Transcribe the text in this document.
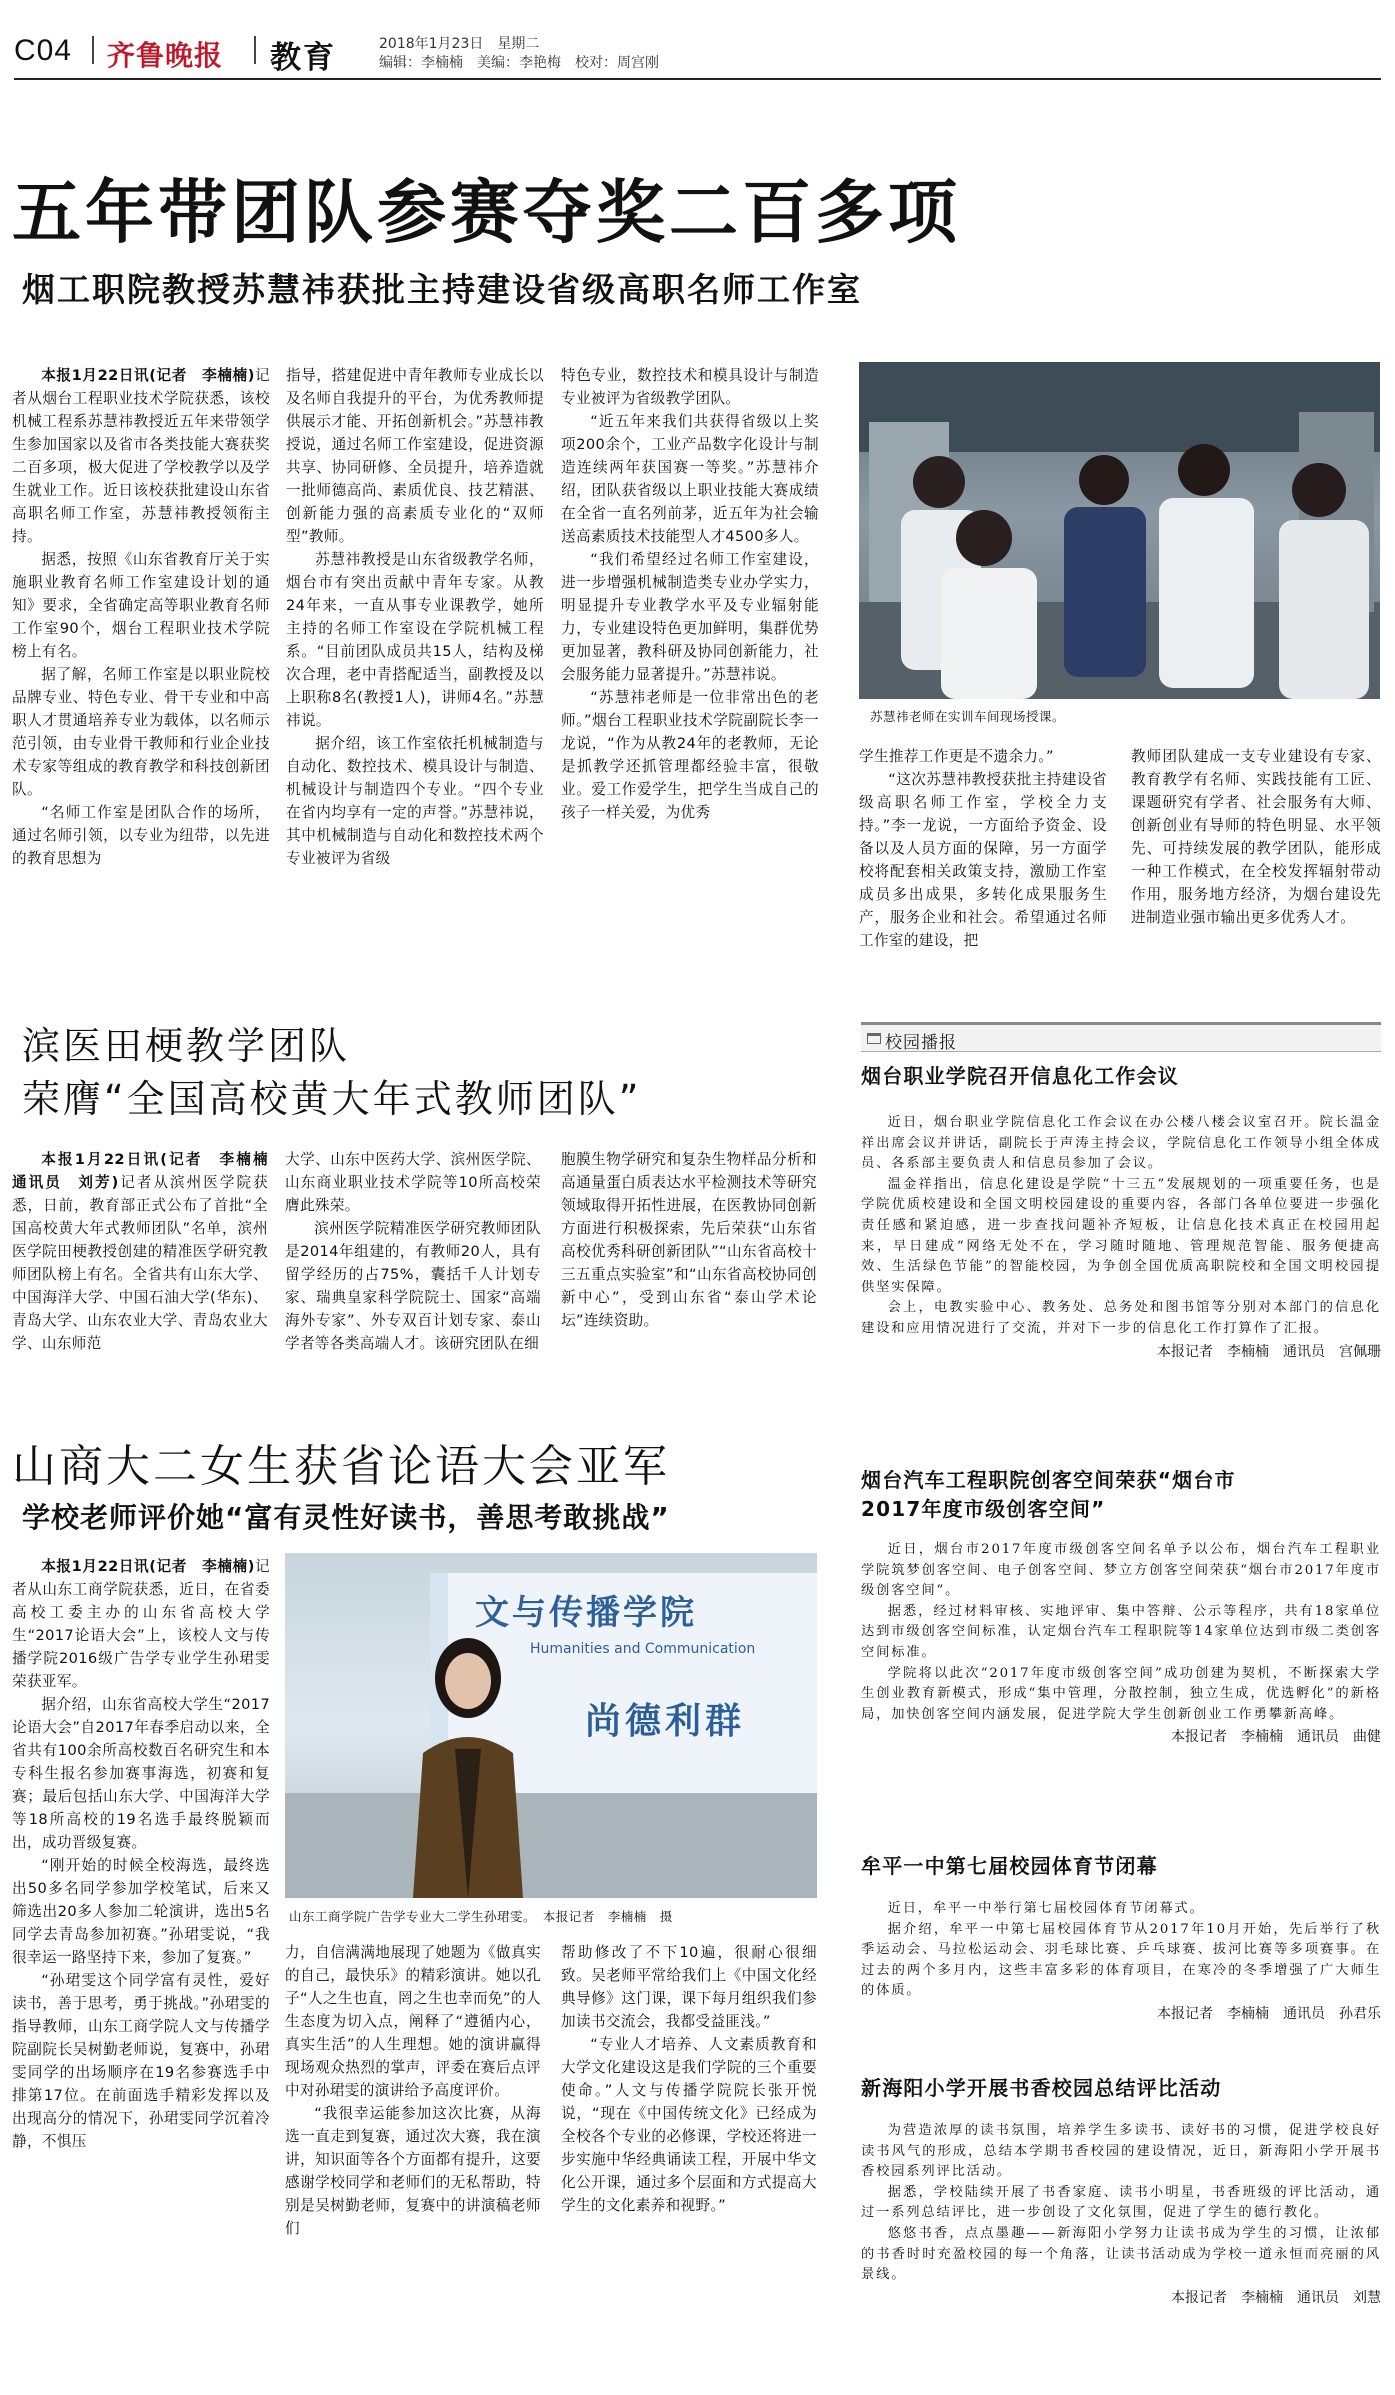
C04 齐鲁晚报 教育	2018年1月23日　星期二
编辑：李楠楠　美编：李艳梅　校对：周宫刚
五年带团队参赛夺奖二百多项
烟工职院教授苏慧祎获批主持建设省级高职名师工作室

本报1月22日讯(记者　李楠楠)记者从烟台工程职业技术学院获悉，该校机械工程系苏慧祎教授近五年来带领学生参加国家以及省市各类技能大赛获奖二百多项，极大促进了学校教学以及学生就业工作。近日该校获批建设山东省高职名师工作室，苏慧祎教授领衔主持。

据悉，按照《山东省教育厅关于实施职业教育名师工作室建设计划的通知》要求，全省确定高等职业教育名师工作室90个，烟台工程职业技术学院榜上有名。

据了解，名师工作室是以职业院校品牌专业、特色专业、骨干专业和中高职人才贯通培养专业为载体，以名师示范引领，由专业骨干教师和行业企业技术专家等组成的教育教学和科技创新团队。

“名师工作室是团队合作的场所，通过名师引领，以专业为纽带，以先进的教育思想为

指导，搭建促进中青年教师专业成长以及名师自我提升的平台，为优秀教师提供展示才能、开拓创新机会。”苏慧祎教授说，通过名师工作室建设，促进资源共享、协同研修、全员提升，培养造就一批师德高尚、素质优良、技艺精湛、创新能力强的高素质专业化的“双师型”教师。

苏慧祎教授是山东省级教学名师，烟台市有突出贡献中青年专家。从教24年来，一直从事专业课教学，她所主持的名师工作室设在学院机械工程系。“目前团队成员共15人，结构及梯次合理，老中青搭配适当，副教授及以上职称8名(教授1人)，讲师4名。”苏慧祎说。

据介绍，该工作室依托机械制造与自动化、数控技术、模具设计与制造、机械设计与制造四个专业。“四个专业在省内均享有一定的声誉。”苏慧祎说，其中机械制造与自动化和数控技术两个专业被评为省级

特色专业，数控技术和模具设计与制造专业被评为省级教学团队。

“近五年来我们共获得省级以上奖项200余个，工业产品数字化设计与制造连续两年获国赛一等奖。”苏慧祎介绍，团队获省级以上职业技能大赛成绩在全省一直名列前茅，近五年为社会输送高素质技术技能型人才4500多人。

“我们希望经过名师工作室建设，进一步增强机械制造类专业办学实力，明显提升专业教学水平及专业辐射能力，专业建设特色更加鲜明，集群优势更加显著，教科研及协同创新能力，社会服务能力显著提升。”苏慧祎说。

“苏慧祎老师是一位非常出色的老师。”烟台工程职业技术学院副院长李一龙说，“作为从教24年的老教师，无论是抓教学还抓管理都经验丰富，很敬业。爱工作爱学生，把学生当成自己的孩子一样关爱，为优秀

苏慧祎老师在实训车间现场授课。

学生推荐工作更是不遗余力。”

“这次苏慧祎教授获批主持建设省级高职名师工作室，学校全力支持。”李一龙说，一方面给予资金、设备以及人员方面的保障，另一方面学校将配套相关政策支持，激励工作室成员多出成果，多转化成果服务生产，服务企业和社会。希望通过名师工作室的建设，把

教师团队建成一支专业建设有专家、教育教学有名师、实践技能有工匠、课题研究有学者、社会服务有大师、创新创业有导师的特色明显、水平领先、可持续发展的教学团队，能形成一种工作模式，在全校发挥辐射带动作用，服务地方经济，为烟台建设先进制造业强市输出更多优秀人才。

滨医田梗教学团队
荣膺“全国高校黄大年式教师团队”

本报1月22日讯(记者　李楠楠　通讯员　刘芳)记者从滨州医学院获悉，日前，教育部正式公布了首批“全国高校黄大年式教师团队”名单，滨州医学院田梗教授创建的精准医学研究教师团队榜上有名。全省共有山东大学、中国海洋大学、中国石油大学(华东)、青岛大学、山东农业大学、青岛农业大学、山东师范

大学、山东中医药大学、滨州医学院、山东商业职业技术学院等10所高校荣膺此殊荣。

滨州医学院精准医学研究教师团队是2014年组建的，有教师20人，具有留学经历的占75%，囊括千人计划专家、瑞典皇家科学院院士、国家“高端海外专家”、外专双百计划专家、泰山学者等各类高端人才。该研究团队在细

胞膜生物学研究和复杂生物样品分析和高通量蛋白质表达水平检测技术等研究领域取得开拓性进展，在医教协同创新方面进行积极探索，先后荣获“山东省高校优秀科研创新团队”“山东省高校十三五重点实验室”和“山东省高校协同创新中心”，受到山东省“泰山学术论坛”连续资助。

山商大二女生获省论语大会亚军
学校老师评价她“富有灵性好读书，善思考敢挑战”

本报1月22日讯(记者　李楠楠)记者从山东工商学院获悉，近日，在省委高校工委主办的山东省高校大学生“2017论语大会”上，该校人文与传播学院2016级广告学专业学生孙珺雯荣获亚军。

据介绍，山东省高校大学生“2017论语大会”自2017年春季启动以来，全省共有100余所高校数百名研究生和本专科生报名参加赛事海选，初赛和复赛；最后包括山东大学、中国海洋大学等18所高校的19名选手最终脱颖而出，成功晋级复赛。

“刚开始的时候全校海选，最终选出50多名同学参加学校笔试，后来又筛选出20多人参加二轮演讲，选出5名同学去青岛参加初赛。”孙珺雯说，“我很幸运一路坚持下来，参加了复赛。”

“孙珺雯这个同学富有灵性，爱好读书，善于思考，勇于挑战。”孙珺雯的指导教师，山东工商学院人文与传播学院副院长吴树勤老师说，复赛中，孙珺雯同学的出场顺序在19名参赛选手中排第17位。在前面选手精彩发挥以及出现高分的情况下，孙珺雯同学沉着冷静，不惧压

文与传播学院
Humanities and Communication
尚德利群
山东工商学院广告学专业大二学生孙珺雯。　本报记者　李楠楠　摄

力，自信满满地展现了她题为《做真实的自己，最快乐》的精彩演讲。她以孔子“人之生也直，罔之生也幸而免”的人生态度为切入点，阐释了“遵循内心，真实生活”的人生理想。她的演讲赢得现场观众热烈的掌声，评委在赛后点评中对孙珺雯的演讲给予高度评价。

“我很幸运能参加这次比赛，从海选一直走到复赛，通过次大赛，我在演讲，知识面等各个方面都有提升，这要感谢学校同学和老师们的无私帮助，特别是吴树勤老师，复赛中的讲演稿老师们

帮助修改了不下10遍，很耐心很细致。吴老师平常给我们上《中国文化经典导修》这门课，课下每月组织我们参加读书交流会，我都受益匪浅。”

“专业人才培养、人文素质教育和大学文化建设这是我们学院的三个重要使命。”人文与传播学院院长张开悦说，“现在《中国传统文化》已经成为全校各个专业的必修课，学校还将进一步实施中华经典诵读工程，开展中华文化公开课，通过多个层面和方式提高大学生的文化素养和视野。”

校园播报
烟台职业学院召开信息化工作会议

近日，烟台职业学院信息化工作会议在办公楼八楼会议室召开。院长温金祥出席会议并讲话，副院长于声涛主持会议，学院信息化工作领导小组全体成员、各系部主要负责人和信息员参加了会议。

温金祥指出，信息化建设是学院“十三五”发展规划的一项重要任务，也是学院优质校建设和全国文明校园建设的重要内容，各部门各单位要进一步强化责任感和紧迫感，进一步查找问题补齐短板，让信息化技术真正在校园用起来，早日建成“网络无处不在，学习随时随地、管理规范智能、服务便捷高效、生活绿色节能”的智能校园，为争创全国优质高职院校和全国文明校园提供坚实保障。

会上，电教实验中心、教务处、总务处和图书馆等分别对本部门的信息化建设和应用情况进行了交流，并对下一步的信息化工作打算作了汇报。

本报记者　李楠楠　通讯员　宫佩珊
烟台汽车工程职院创客空间荣获“烟台市2017年度市级创客空间”

近日，烟台市2017年度市级创客空间名单予以公布，烟台汽车工程职业学院筑梦创客空间、电子创客空间、梦立方创客空间荣获“烟台市2017年度市级创客空间”。

据悉，经过材料审核、实地评审、集中答辩、公示等程序，共有18家单位达到市级创客空间标准，认定烟台汽车工程职院等14家单位达到市级二类创客空间标准。

学院将以此次“2017年度市级创客空间”成功创建为契机，不断探索大学生创业教育新模式，形成“集中管理，分散控制，独立生成，优选孵化”的新格局，加快创客空间内涵发展，促进学院大学生创新创业工作勇攀新高峰。

本报记者　李楠楠　通讯员　曲健
牟平一中第七届校园体育节闭幕

近日，牟平一中举行第七届校园体育节闭幕式。

据介绍，牟平一中第七届校园体育节从2017年10月开始，先后举行了秋季运动会、马拉松运动会、羽毛球比赛、乒乓球赛、拔河比赛等多项赛事。在过去的两个多月内，这些丰富多彩的体育项目，在寒冷的冬季增强了广大师生的体质。

本报记者　李楠楠　通讯员　孙君乐
新海阳小学开展书香校园总结评比活动

为营造浓厚的读书氛围，培养学生多读书、读好书的习惯，促进学校良好读书风气的形成，总结本学期书香校园的建设情况，近日，新海阳小学开展书香校园系列评比活动。

据悉，学校陆续开展了书香家庭、读书小明星，书香班级的评比活动，通过一系列总结评比，进一步创设了文化氛围，促进了学生的德行教化。

悠悠书香，点点墨趣——新海阳小学努力让读书成为学生的习惯，让浓郁的书香时时充盈校园的每一个角落，让读书活动成为学校一道永恒而亮丽的风景线。

本报记者　李楠楠　通讯员　刘慧
